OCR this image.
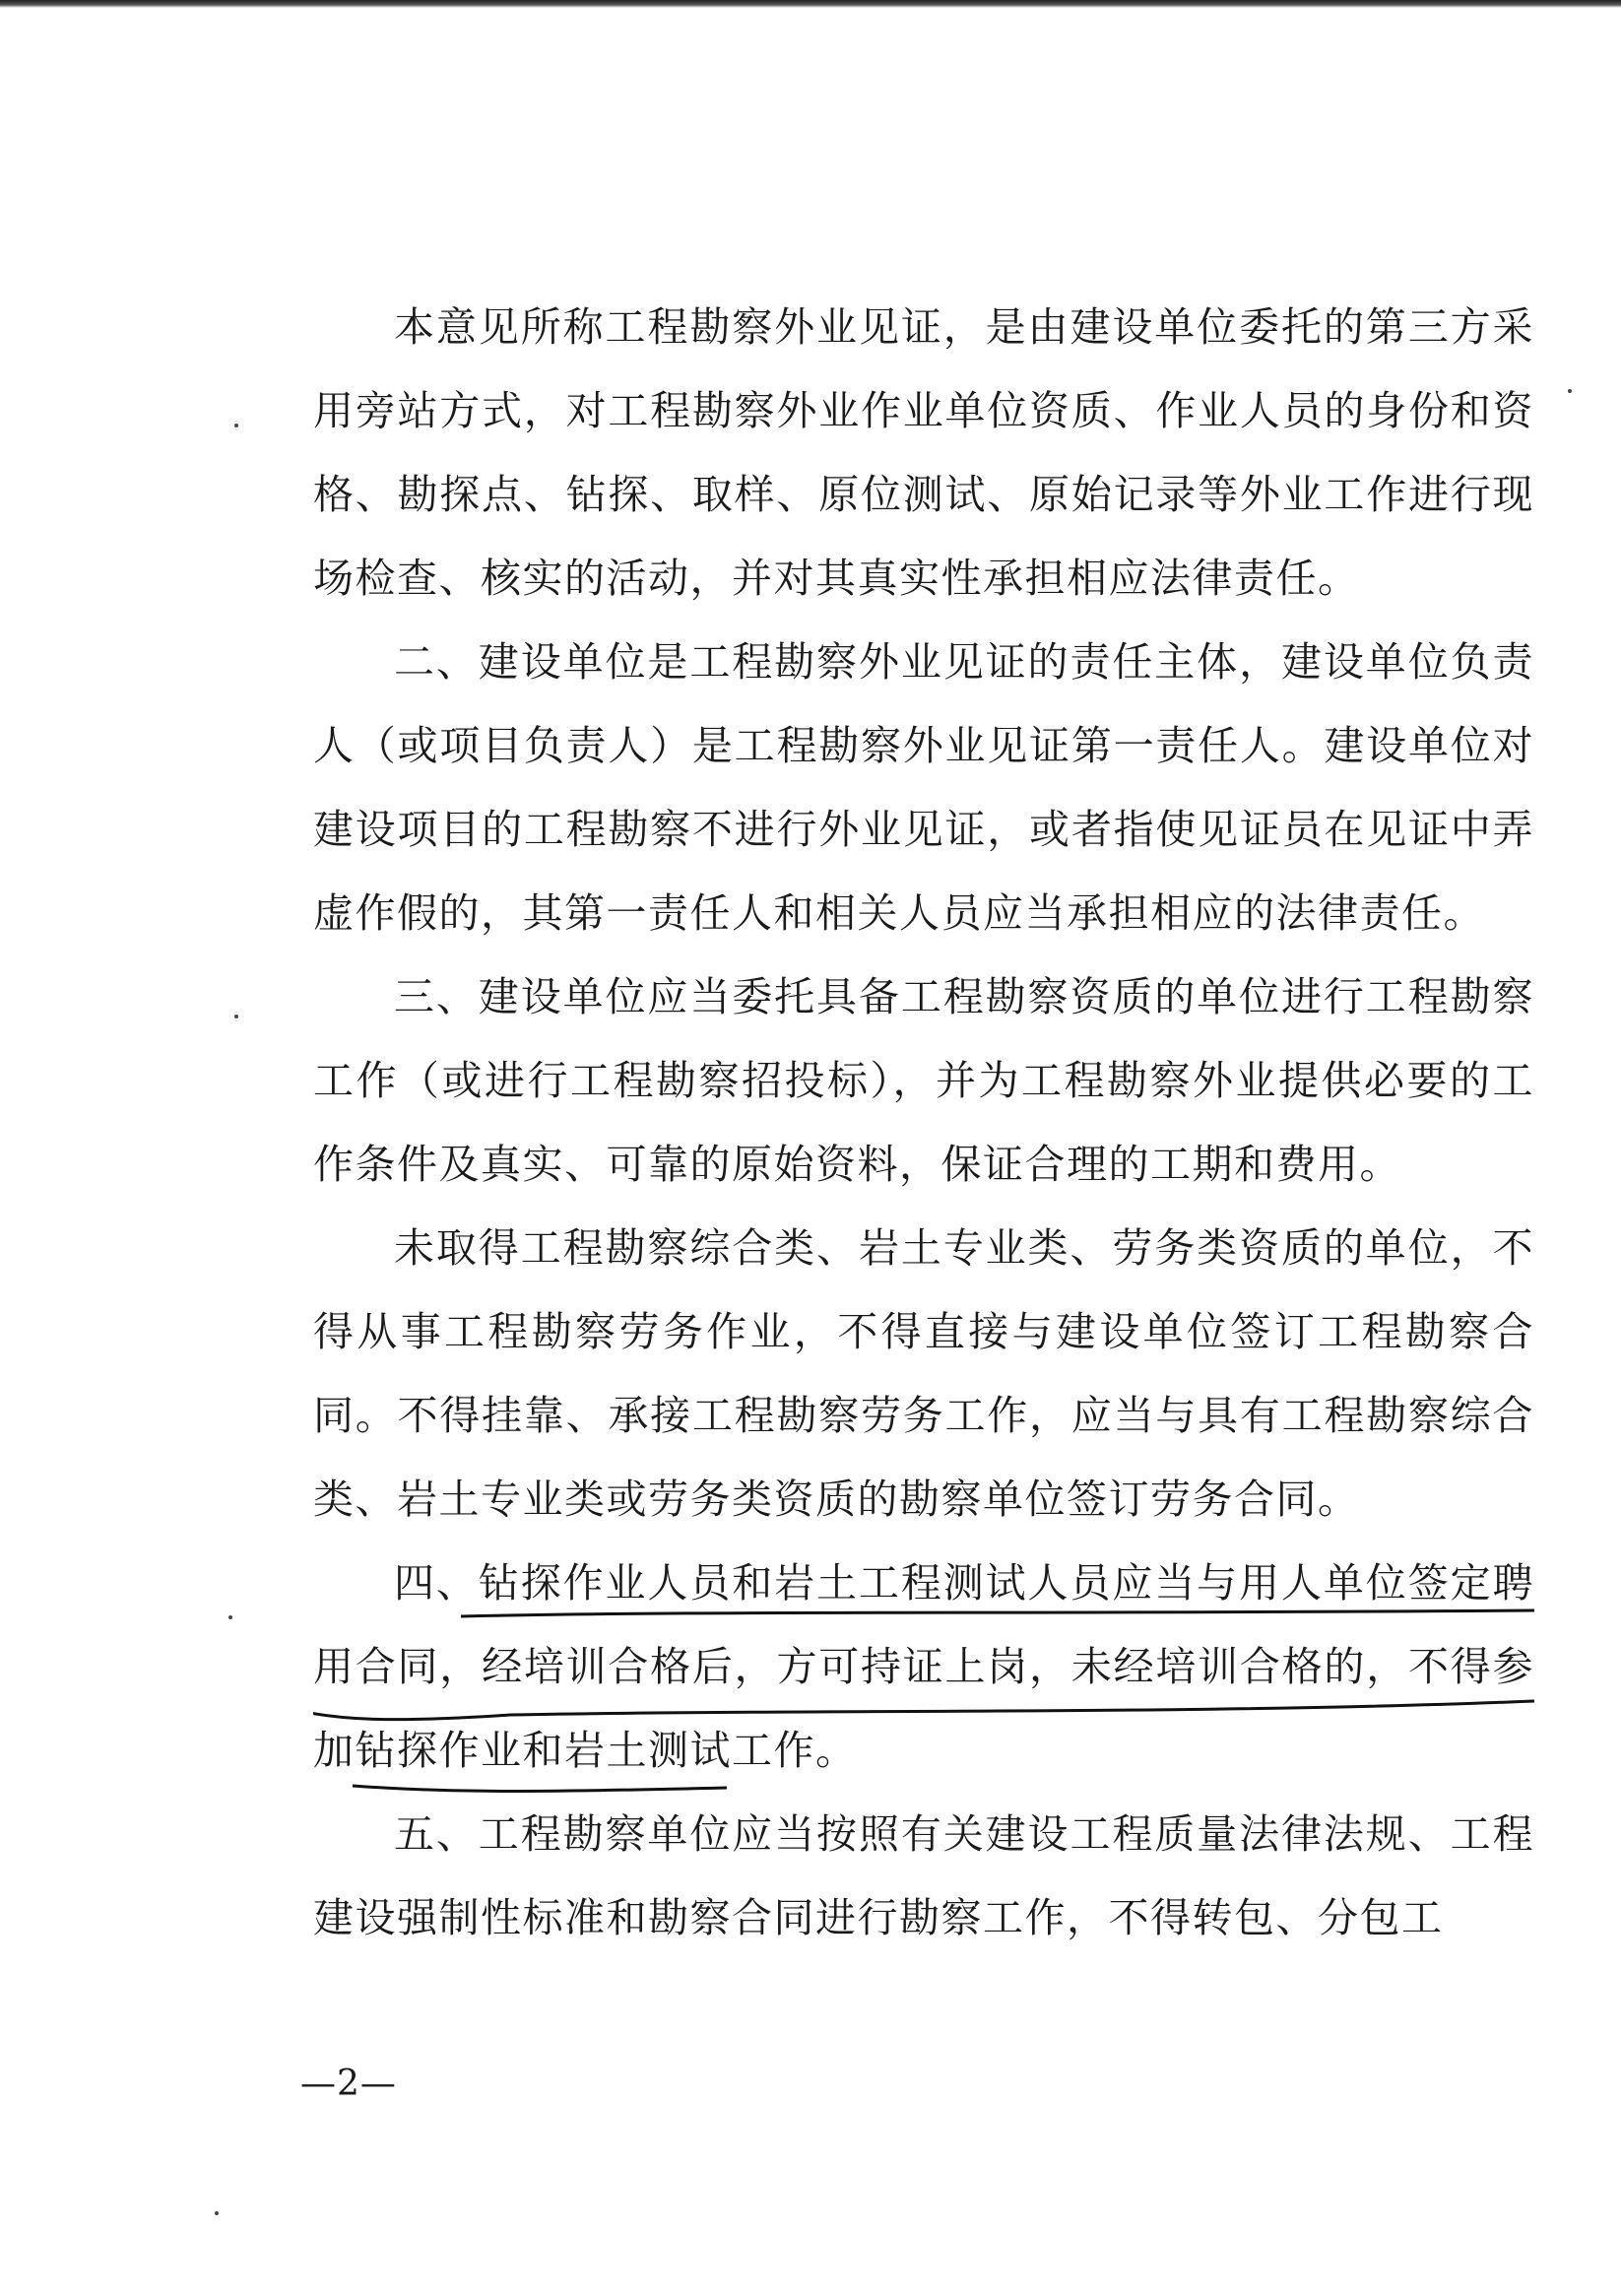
本意见所称工程勘察外业见证，是由建设单位委托的第三方采用旁站方式，对工程勘察外业作业单位资质、作业人员的身份和资格、勘探点、钻探、取样、原位测试、原始记录等外业工作进行现场检查、核实的活动，并对其真实性承担相应法律责任。

二、建设单位是工程勘察外业见证的责任主体，建设单位负责人（或项目负责人）是工程勘察外业见证第一责任人。建设单位对建设项目的工程勘察不进行外业见证，或者指使见证员在见证中弄虚作假的，其第一责任人和相关人员应当承担相应的法律责任。

三、建设单位应当委托具备工程勘察资质的单位进行工程勘察工作（或进行工程勘察招投标），并为工程勘察外业提供必要的工作条件及真实、可靠的原始资料，保证合理的工期和费用。

未取得工程勘察综合类、岩土专业类、劳务类资质的单位，不得从事工程勘察劳务作业，不得直接与建设单位签订工程勘察合同。不得挂靠、承接工程勘察劳务工作，应当与具有工程勘察综合类、岩土专业类或劳务类资质的勘察单位签订劳务合同。

四、钻探作业人员和岩土工程测试人员应当与用人单位签定聘用合同，经培训合格后，方可持证上岗，未经培训合格的，不得参加钻探作业和岩土测试工作。

五、工程勘察单位应当按照有关建设工程质量法律法规、工程建设强制性标准和勘察合同进行勘察工作，不得转包、分包工

—2—
